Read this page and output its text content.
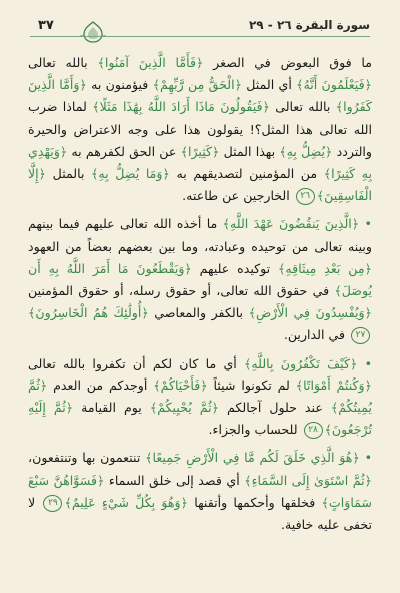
٣٧	سورة البقرة ٢٦ - ٢٩

ما فوق البعوض في الصغر ﴿فَأَمَّا الَّذِينَ آمَنُوا﴾ بالله تعالى ﴿فَيَعْلَمُونَ أَنَّهُ﴾ أي المثل ﴿الْحَقُّ مِن رَّبِّهِمْ﴾ فيؤمنون به ﴿وَأَمَّا الَّذِينَ كَفَرُوا﴾ بالله تعالى ﴿فَيَقُولُونَ مَاذَا أَرَادَ اللَّهُ بِهَٰذَا مَثَلًا﴾ لماذا ضرب الله تعالى هذا المثل؟! يقولون هذا على وجه الاعتراض والحيرة والتردد ﴿يُضِلُّ بِهِ﴾ بهذا المثل ﴿كَثِيرًا﴾ عن الحق لكفرهم به ﴿وَيَهْدِي بِهِ كَثِيرًا﴾ من المؤمنين لتصديقهم به ﴿وَمَا يُضِلُّ بِهِ﴾ بالمثل ﴿إِلَّا الْفَاسِقِينَ﴾٢٦ الخارجين عن طاعته.

• ﴿الَّذِينَ يَنقُضُونَ عَهْدَ اللَّهِ﴾ ما أخذه الله تعالى عليهم فيما بينهم وبينه تعالى من توحيده وعبادته، وما بين بعضهم بعضاً من العهود ﴿مِن بَعْدِ مِيثَاقِهِ﴾ توكيده عليهم ﴿وَيَقْطَعُونَ مَا أَمَرَ اللَّهُ بِهِ أَن يُوصَلَ﴾ في حقوق الله تعالى، أو حقوق رسله، أو حقوق المؤمنين ﴿وَيُفْسِدُونَ فِي الْأَرْضِ﴾ بالكفر والمعاصي ﴿أُولَٰئِكَ هُمُ الْخَاسِرُونَ﴾٢٧ في الدارين.

• ﴿كَيْفَ تَكْفُرُونَ بِاللَّهِ﴾ أي ما كان لكم أن تكفروا بالله تعالى ﴿وَكُنتُمْ أَمْوَاتًا﴾ لم تكونوا شيئاً ﴿فَأَحْيَاكُمْ﴾ أوجدكم من العدم ﴿ثُمَّ يُمِيتُكُمْ﴾ عند حلول آجالكم ﴿ثُمَّ يُحْيِيكُمْ﴾ يوم القيامة ﴿ثُمَّ إِلَيْهِ تُرْجَعُونَ﴾٢٨ للحساب والجزاء.

• ﴿هُوَ الَّذِي خَلَقَ لَكُم مَّا فِي الْأَرْضِ جَمِيعًا﴾ تنتعمون بها وتنتفعون، ﴿ثُمَّ اسْتَوَىٰ إِلَى السَّمَاءِ﴾ أي قصد إلى خلق السماء ﴿فَسَوَّاهُنَّ سَبْعَ سَمَاوَاتٍ﴾ فخلقها وأحكمها وأتقنها ﴿وَهُوَ بِكُلِّ شَيْءٍ عَلِيمٌ﴾٢٩ لا تخفى عليه خافية.
